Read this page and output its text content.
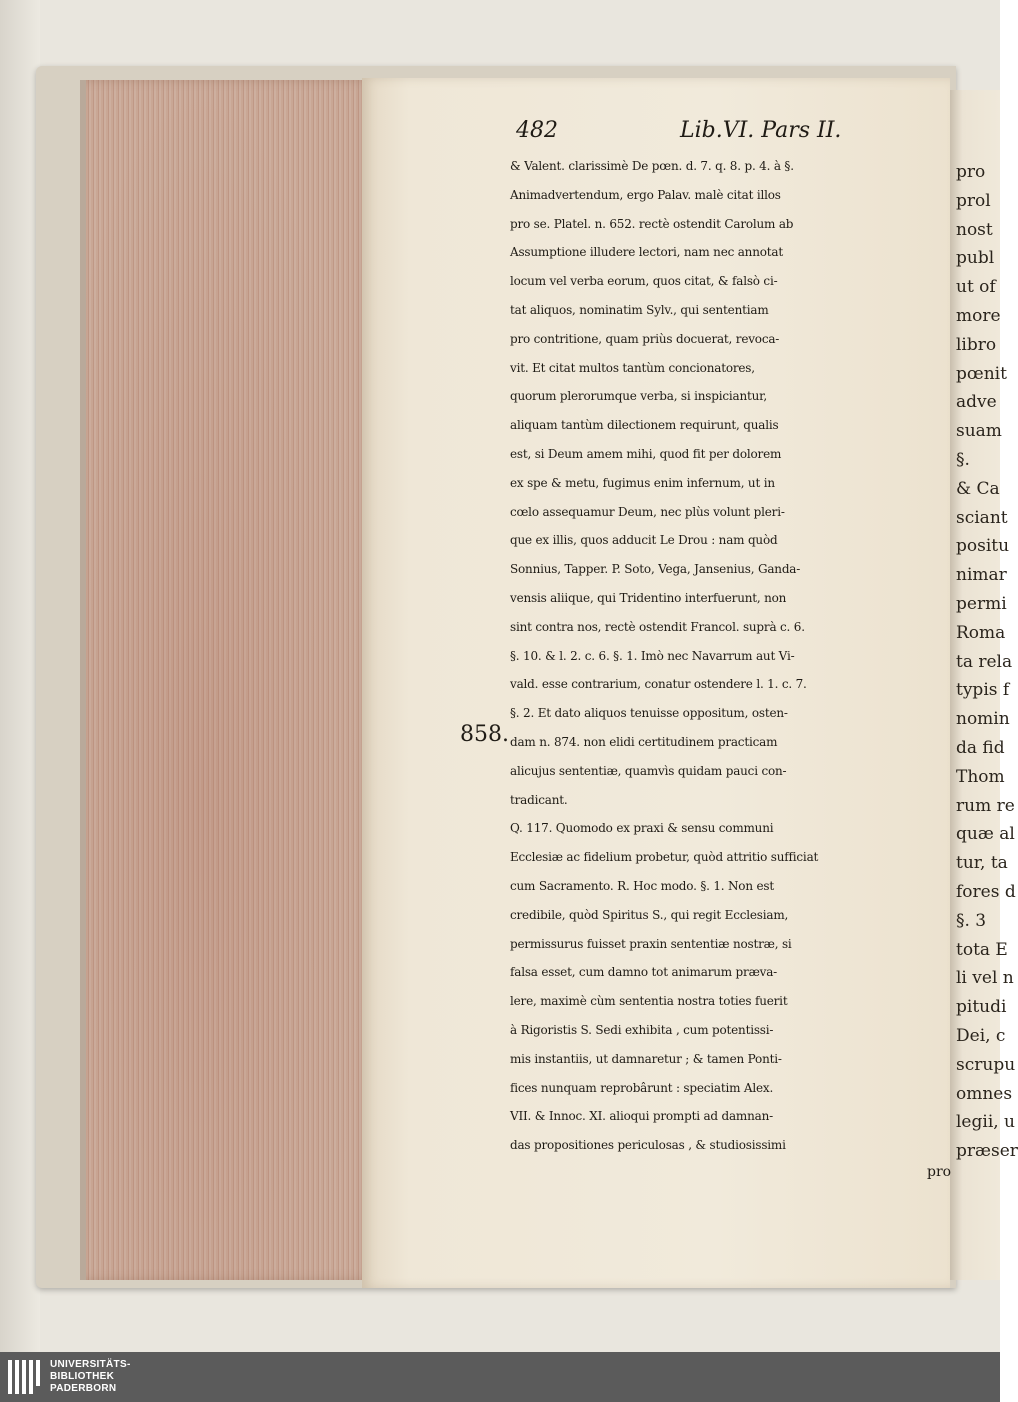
pro
prol
nost
publ
ut of
more
libro
pœnit
adve
suam
§.
& Ca
sciant
positu
nimar
permi
Roma
ta rela
typis f
nomin
da fid
Thom
rum re
quæ al
tur, ta
fores d
§. 3
tota E
li vel n
pitudi
Dei, c
scrupu
omnes
legii, u
præser
482	Lib.VI. Pars II.
& Valent. clarissimè De pœn. d. 7. q. 8. p. 4. à §.
Animadvertendum, ergo Palav. malè citat illos
pro se. Platel. n. 652. rectè ostendit Carolum ab
Assumptione illudere lectori, nam nec annotat
locum vel verba eorum, quos citat, & falsò ci-
tat aliquos, nominatim Sylv., qui sententiam
pro contritione, quam priùs docuerat, revoca-
vit. Et citat multos tantùm concionatores,
quorum plerorumque verba, si inspiciantur,
aliquam tantùm dilectionem requirunt, qualis
est, si Deum amem mihi, quod fit per dolorem
ex spe & metu, fugimus enim infernum, ut in
cœlo assequamur Deum, nec plùs volunt pleri-
que ex illis, quos adducit Le Drou : nam quòd
Sonnius, Tapper. P. Soto, Vega, Jansenius, Ganda-
vensis aliique, qui Tridentino interfuerunt, non
sint contra nos, rectè ostendit Francol. suprà c. 6.
§. 10. & l. 2. c. 6. §. 1. Imò nec Navarrum aut Vi-
vald. esse contrarium, conatur ostendere l. 1. c. 7.
§. 2. Et dato aliquos tenuisse oppositum, osten-
dam n. 874. non elidi certitudinem practicam
alicujus sententiæ, quamvìs quidam pauci con-
tradicant.
Q. 117. Quomodo ex praxi & sensu communi
Ecclesiæ ac fidelium probetur, quòd attritio sufficiat
cum Sacramento. R. Hoc modo. §. 1. Non est
credibile, quòd Spiritus S., qui regit Ecclesiam,
permissurus fuisset praxin sententiæ nostræ, si
falsa esset, cum damno tot animarum præva-
lere, maximè cùm sententia nostra toties fuerit
à Rigoristis S. Sedi exhibita , cum potentissi-
mis instantiis, ut damnaretur ; & tamen Ponti-
fices nunquam reprobârunt : speciatim Alex.
VII. & Innoc. XI. alioqui prompti ad damnan-
das propositiones periculosas , & studiosissimi
858.
pro
UNIVERSITÄTS-
BIBLIOTHEK
PADERBORN
